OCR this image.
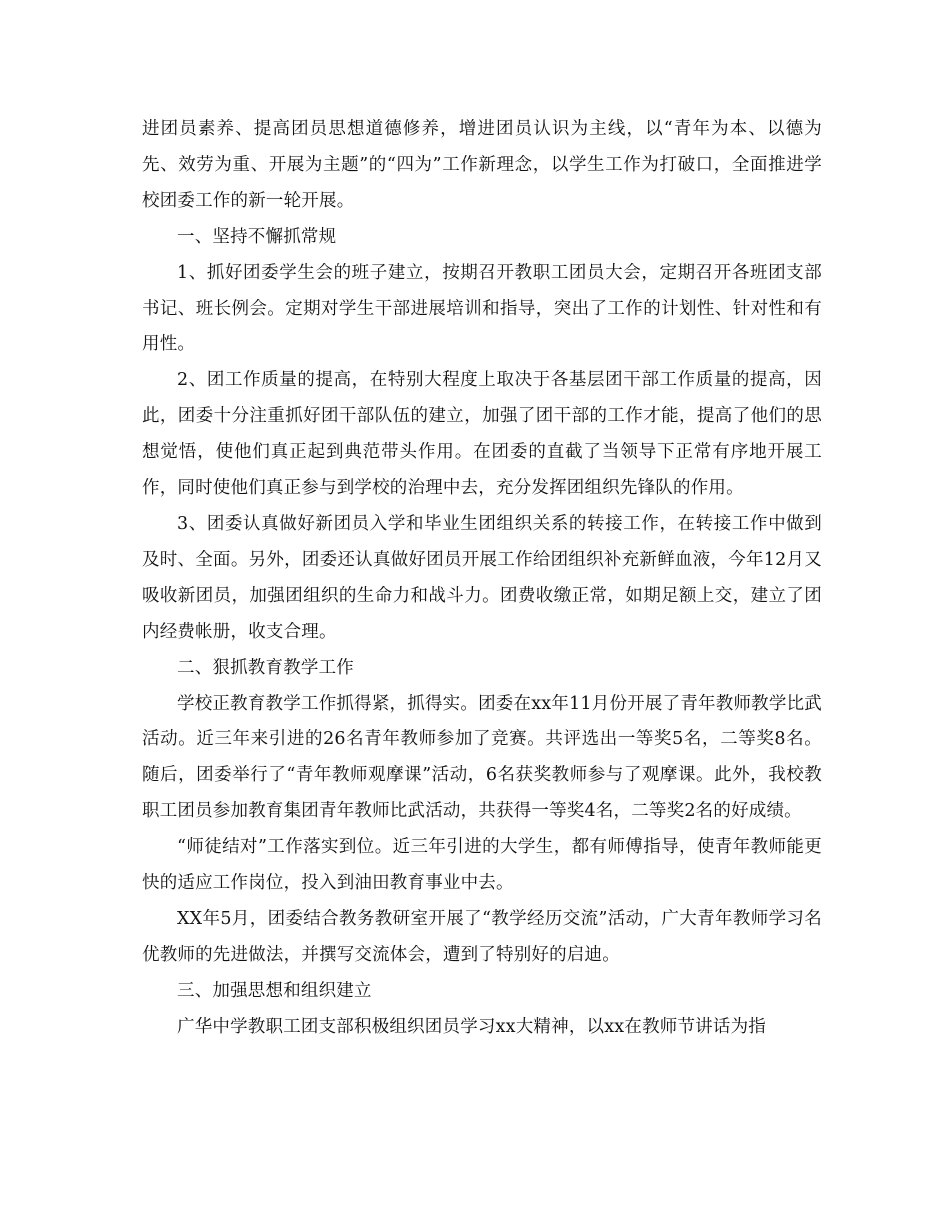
进团员素养、提高团员思想道德修养，增进团员认识为主线，以“青年为本、以德为先、效劳为重、开展为主题”的“四为”工作新理念，以学生工作为打破口，全面推进学校团委工作的新一轮开展。

一、坚持不懈抓常规

1、抓好团委学生会的班子建立，按期召开教职工团员大会，定期召开各班团支部书记、班长例会。定期对学生干部进展培训和指导，突出了工作的计划性、针对性和有用性。

2、团工作质量的提高，在特别大程度上取决于各基层团干部工作质量的提高，因此，团委十分注重抓好团干部队伍的建立，加强了团干部的工作才能，提高了他们的思想觉悟，使他们真正起到典范带头作用。在团委的直截了当领导下正常有序地开展工作，同时使他们真正参与到学校的治理中去，充分发挥团组织先锋队的作用。

3、团委认真做好新团员入学和毕业生团组织关系的转接工作，在转接工作中做到及时、全面。另外，团委还认真做好团员开展工作给团组织补充新鲜血液，今年12月又吸收新团员，加强团组织的生命力和战斗力。团费收缴正常，如期足额上交，建立了团内经费帐册，收支合理。

二、狠抓教育教学工作

学校正教育教学工作抓得紧，抓得实。团委在xx年11月份开展了青年教师教学比武活动。近三年来引进的26名青年教师参加了竞赛。共评选出一等奖5名，二等奖8名。随后，团委举行了“青年教师观摩课”活动，6名获奖教师参与了观摩课。此外，我校教职工团员参加教育集团青年教师比武活动，共获得一等奖4名，二等奖2名的好成绩。

“师徒结对”工作落实到位。近三年引进的大学生，都有师傅指导，使青年教师能更快的适应工作岗位，投入到油田教育事业中去。

XX年5月，团委结合教务教研室开展了“教学经历交流”活动，广大青年教师学习名优教师的先进做法，并撰写交流体会，遭到了特别好的启迪。

三、加强思想和组织建立

广华中学教职工团支部积极组织团员学习xx大精神，以xx在教师节讲话为指
